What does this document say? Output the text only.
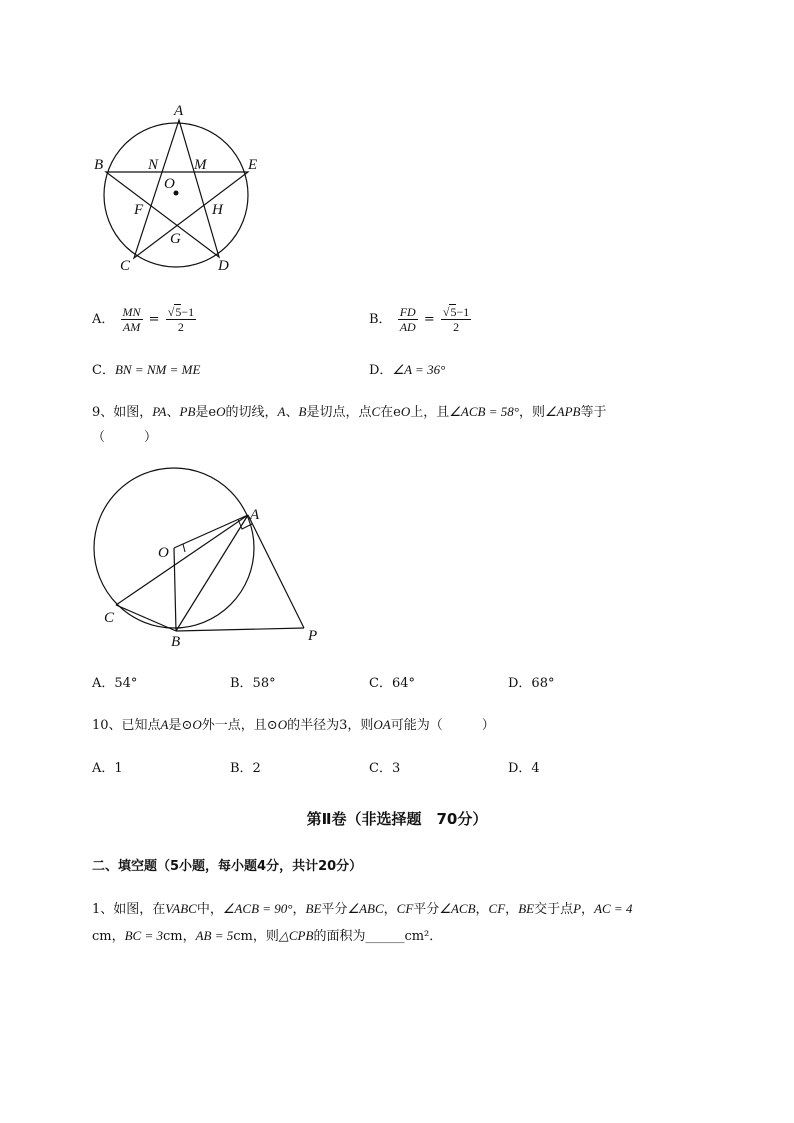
A
B	E
N M
O
F	H
G
C	D
A． $\frac{MN}{AM} = \frac{√5-1}{2}$	B． $\frac{FD}{AD} = \frac{√5-1}{2}$
C．BN = NM = ME	D．∠A = 36°
9、如图，PA、PB是eO的切线，A、B是切点，点C在eO上，且∠ACB = 58°，则∠APB等于
（　　　）
A
O
C
B	P
A．54°	B．58°	C．64°	D．68°
10、已知点A是⊙O外一点，且⊙O的半径为3，则OA可能为（　　　）
A．1	B．2	C．3	D．4
第Ⅱ卷（非选择题　70分）
二、填空题（5小题，每小题4分，共计20分）
1、如图，在VABC中，∠ACB = 90°，BE平分∠ABC，CF平分∠ACB，CF，BE交于点P，AC = 4
cm，BC = 3cm，AB = 5cm，则△CPB的面积为______cm²．
